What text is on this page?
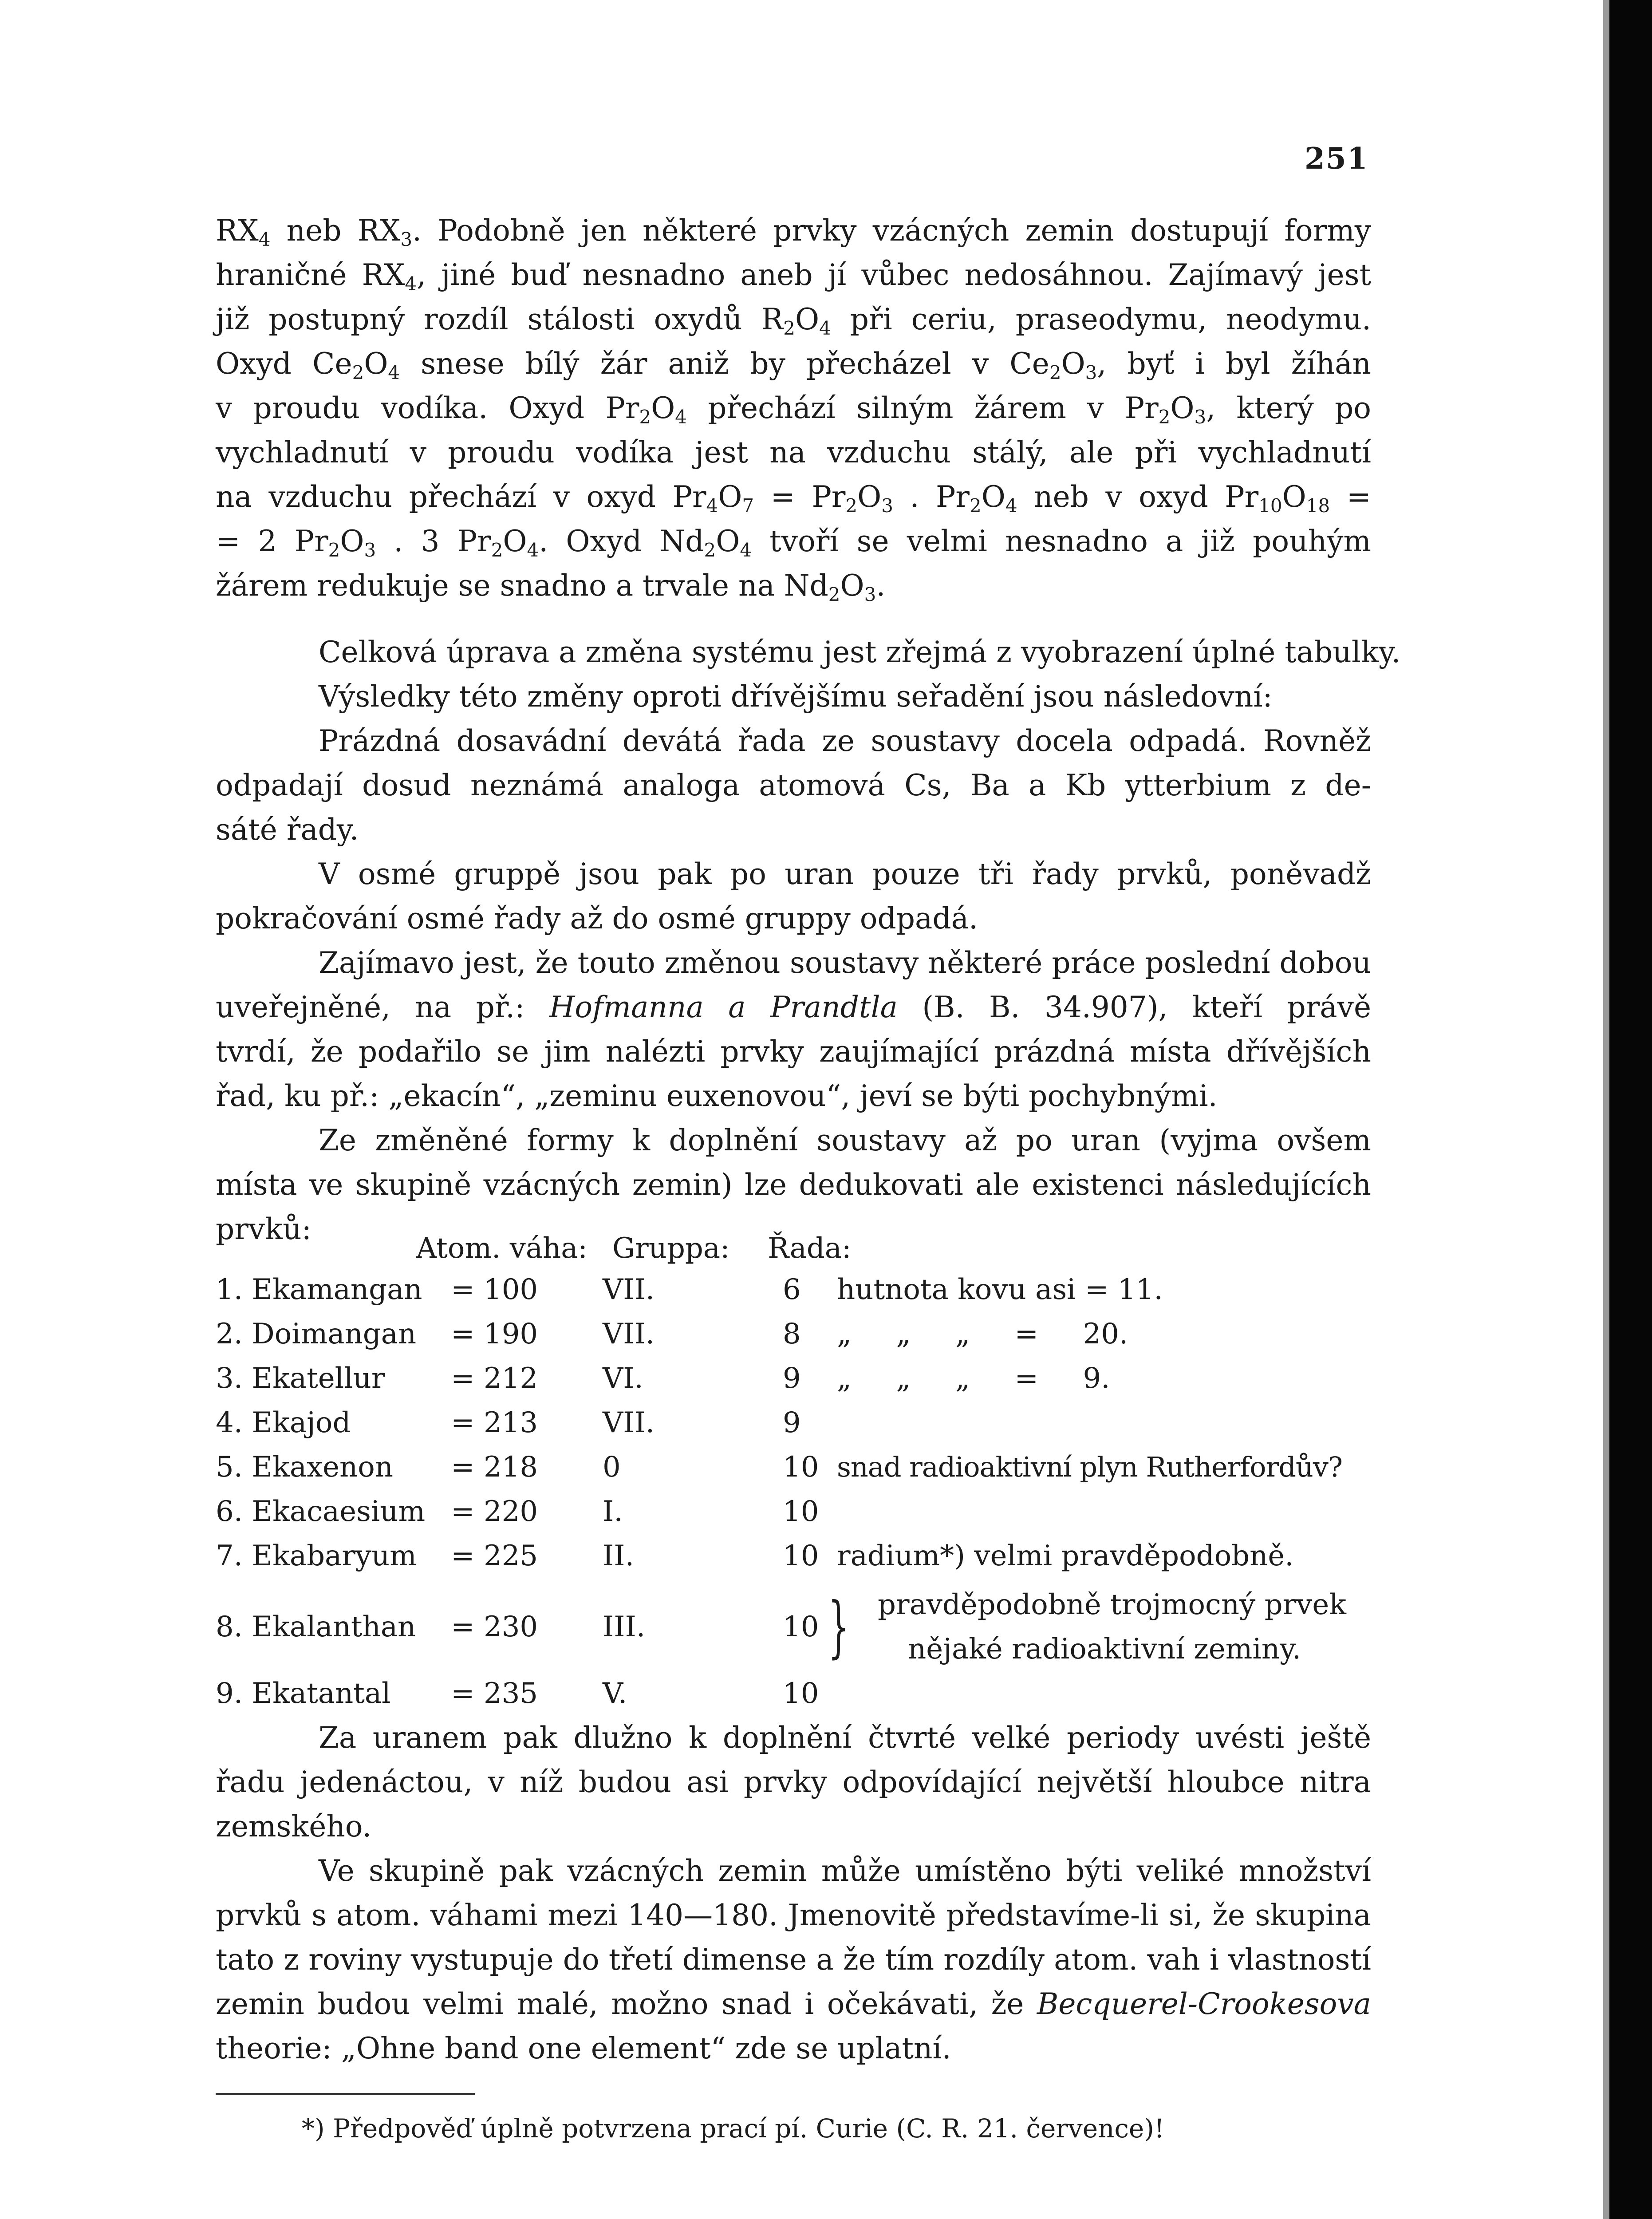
251
$RX_4$ neb $RX_3$. Podobně jen některé prvky vzácných zemin dostupují formy
hraničné $RX_4$, jiné buď nesnadno aneb jí vůbec nedosáhnou. Zajímavý jest
již postupný rozdíl stálosti oxydů $R_2O_4$ při ceriu, praseodymu, neodymu.
Oxyd $Ce_2O_4$ snese bílý žár aniž by přecházel v $Ce_2O_3$, byť i byl žíhán
v proudu vodíka. Oxyd $Pr_2O_4$ přechází silným žárem v $Pr_2O_3$, který po
vychladnutí v proudu vodíka jest na vzduchu stálý, ale při vychladnutí
na vzduchu přechází v oxyd $Pr_4O_7 = Pr_2O_3$ . $Pr_2O_4$ neb v oxyd $Pr_{10}O_{18}$ =
= 2 $Pr_2O_3$ . 3 $Pr_2O_4$. Oxyd $Nd_2O_4$ tvoří se velmi nesnadno a již pouhým
žárem redukuje se snadno a trvale na $Nd_2O_3$.
Celková úprava a změna systému jest zřejmá z vyobrazení úplné tabulky.
Výsledky této změny oproti dřívějšímu seřadění jsou následovní:
Prázdná dosavádní devátá řada ze soustavy docela odpadá. Rovněž
odpadají dosud neznámá analoga atomová Cs, Ba a Kb ytterbium z de-
sáté řady.
V osmé gruppě jsou pak po uran pouze tři řady prvků, poněvadž
pokračování osmé řady až do osmé gruppy odpadá.
Zajímavo jest, že touto změnou soustavy některé práce poslední dobou
uveřejněné, na př.: Hofmanna a Prandtla (B. B. 34.907), kteří právě
tvrdí, že podařilo se jim nalézti prvky zaujímající prázdná místa dřívějších
řad, ku př.: „ekacín“, „zeminu euxenovou“, jeví se býti pochybnými.
Ze změněné formy k doplnění soustavy až po uran (vyjma ovšem
místa ve skupině vzácných zemin) lze dedukovati ale existenci následujících
prvků:
Atom. váha: Gruppa: Řada:
1. Ekamangan = 100 VII.	6 hutnota kovu asi = 11.
2. Doimangan = 190 VII.	8 „ „ „ = 20.
3. Ekatellur = 212 VI.	9 „ „ „ = 9.
4. Ekajod	= 213 VII.	9
5. Ekaxenon = 218 0	10 snad radioaktivní plyn Rutherfordův?
6. Ekacaesium = 220 I.	10
7. Ekabaryum = 225 II.	10 radium*) velmi pravděpodobně.
8. Ekalanthan = 230 III.	10 } pravděpodobně trojmocný prvek
nějaké radioaktivní zeminy.
9. Ekatantal = 235 V.	10
Za uranem pak dlužno k doplnění čtvrté velké periody uvésti ještě
řadu jedenáctou, v níž budou asi prvky odpovídající největší hloubce nitra
zemského.
Ve skupině pak vzácných zemin může umístěno býti veliké množství
prvků s atom. váhami mezi 140—180. Jmenovitě představíme-li si, že skupina
tato z roviny vystupuje do třetí dimense a že tím rozdíly atom. vah i vlastností
zemin budou velmi malé, možno snad i očekávati, že Becquerel-Crookesova
theorie: „Ohne band one element“ zde se uplatní.
*) Předpověď úplně potvrzena prací pí. Curie (C. R. 21. července)!
